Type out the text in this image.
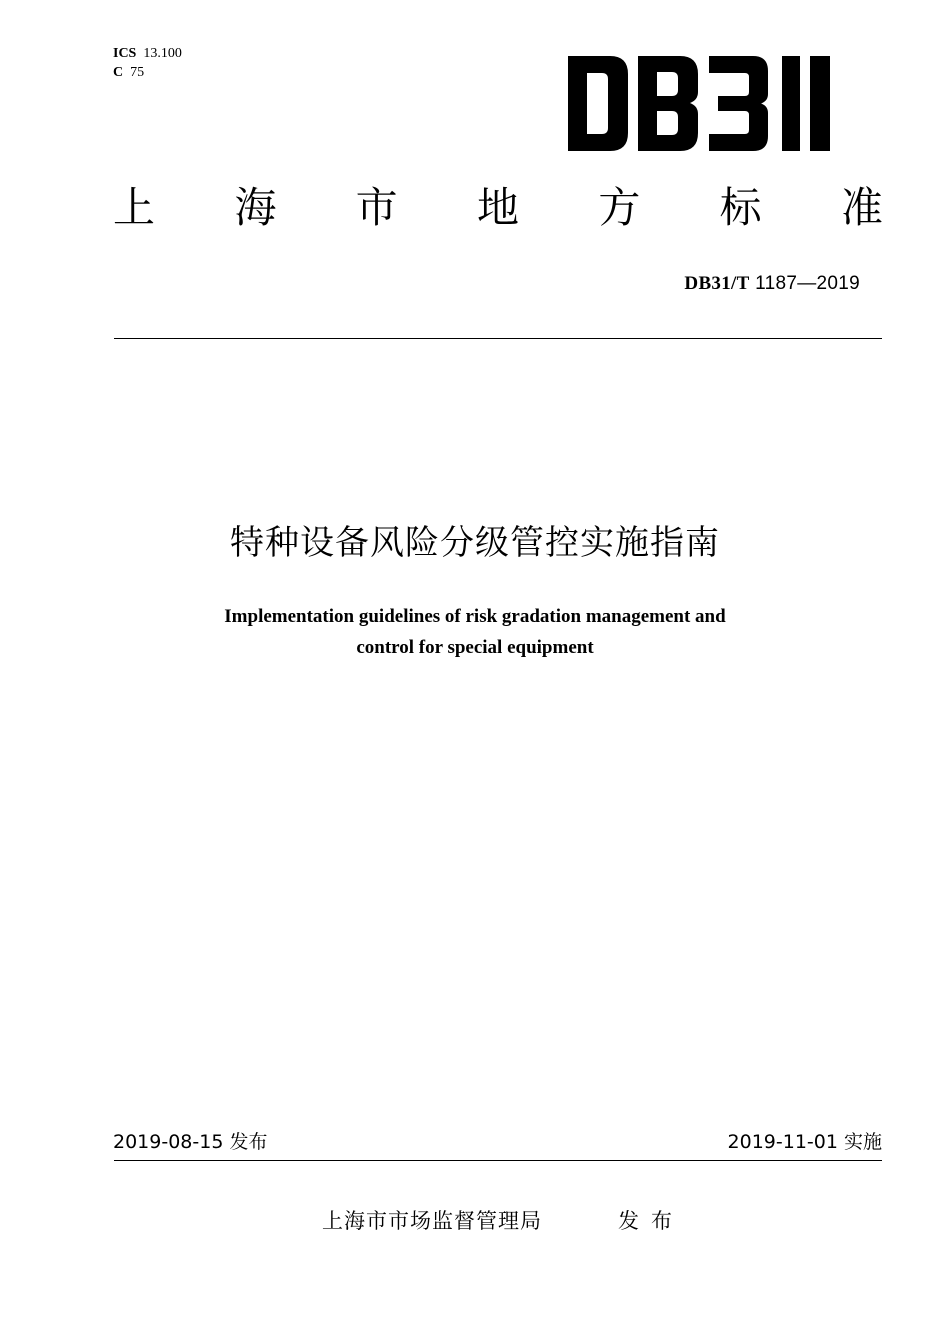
ICS 13.100
C 75
上 海 市 地 方 标 准
DB31/T 1187—2019
特种设备风险分级管控实施指南
Implementation guidelines of risk gradation management and
control for special equipment
2019-08-15 发布	2019-11-01 实施
上海市市场监督管理局	发布
